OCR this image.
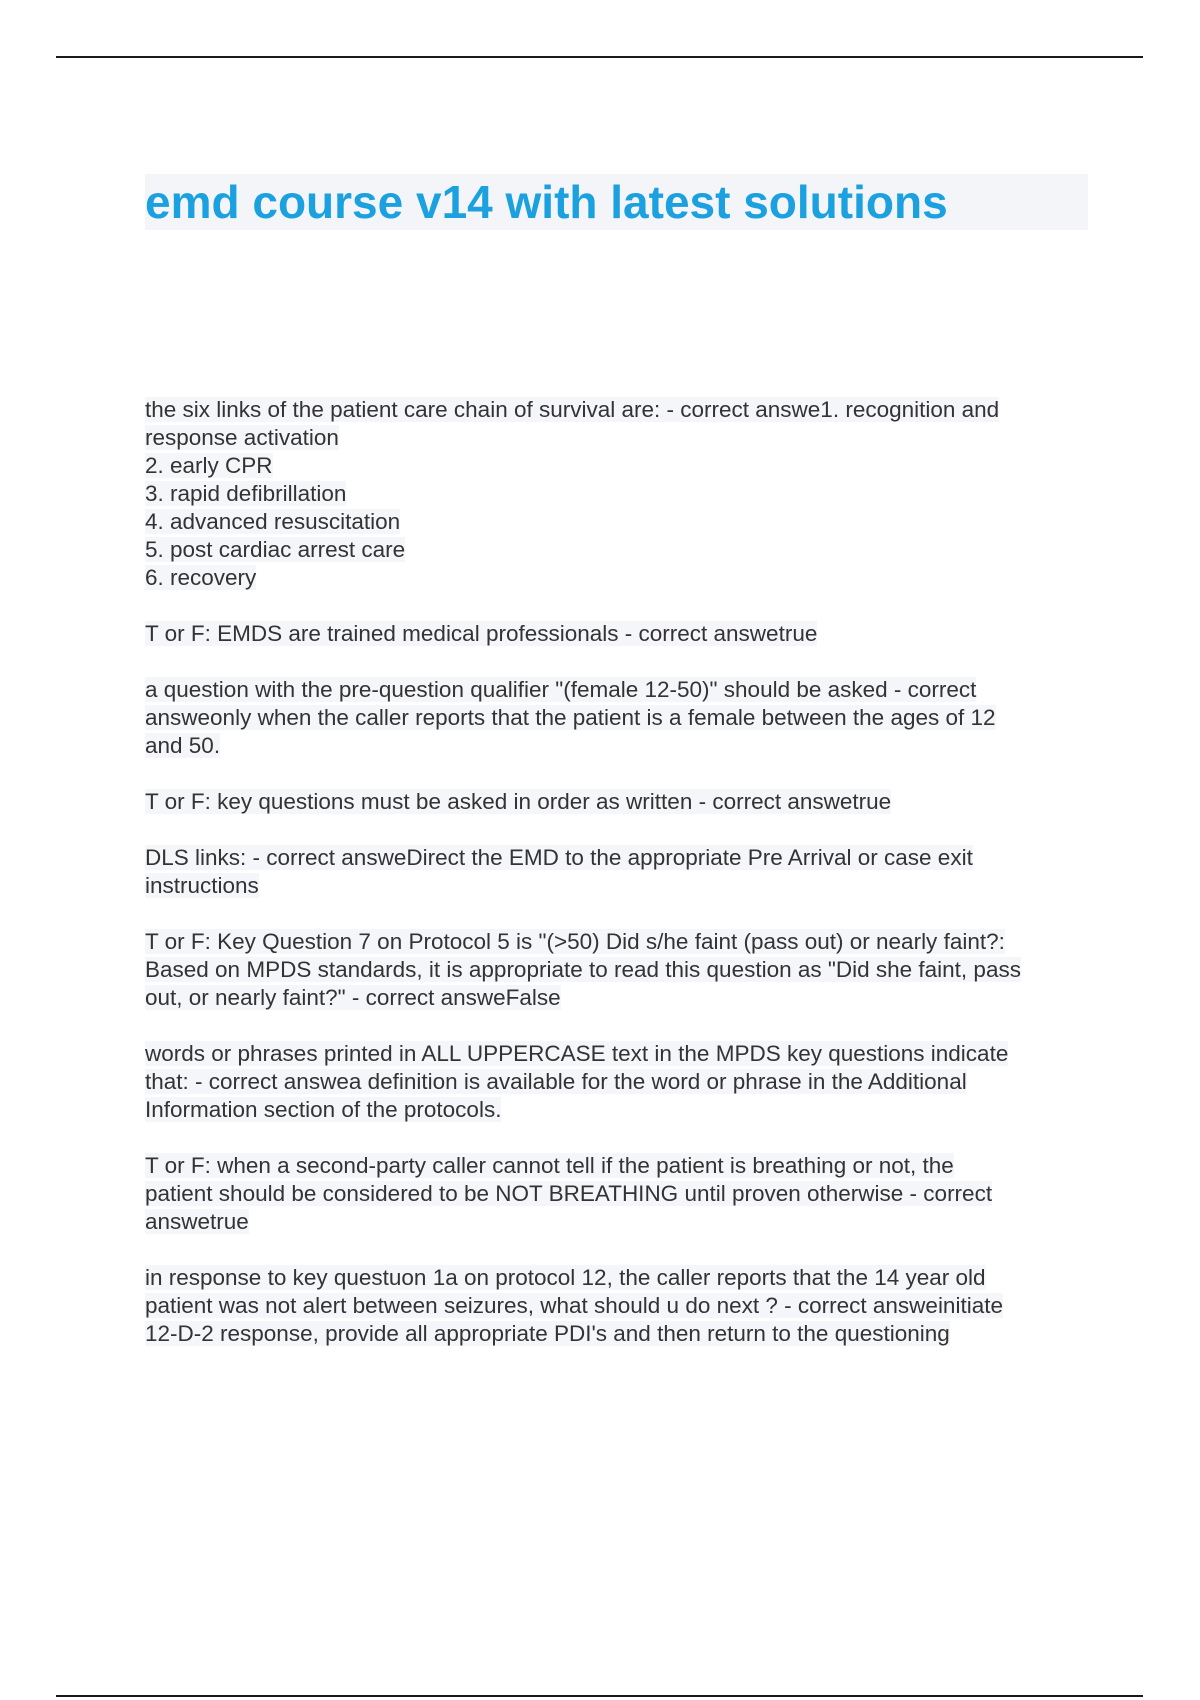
emd course v14 with latest solutions

the six links of the patient care chain of survival are: - correct answe1. recognition and
response activation
2. early CPR
3. rapid defibrillation
4. advanced resuscitation
5. post cardiac arrest care
6. recovery

T or F: EMDS are trained medical professionals - correct answetrue

a question with the pre-question qualifier "(female 12-50)" should be asked - correct
answeonly when the caller reports that the patient is a female between the ages of 12
and 50.

T or F: key questions must be asked in order as written - correct answetrue

DLS links: - correct answeDirect the EMD to the appropriate Pre Arrival or case exit
instructions

T or F: Key Question 7 on Protocol 5 is "(>50) Did s/he faint (pass out) or nearly faint?:
Based on MPDS standards, it is appropriate to read this question as "Did she faint, pass
out, or nearly faint?" - correct answeFalse

words or phrases printed in ALL UPPERCASE text in the MPDS key questions indicate
that: - correct answea definition is available for the word or phrase in the Additional
Information section of the protocols.

T or F: when a second-party caller cannot tell if the patient is breathing or not, the
patient should be considered to be NOT BREATHING until proven otherwise - correct
answetrue

in response to key questuon 1a on protocol 12, the caller reports that the 14 year old
patient was not alert between seizures, what should u do next ? - correct answeinitiate
12-D-2 response, provide all appropriate PDI's and then return to the questioning
